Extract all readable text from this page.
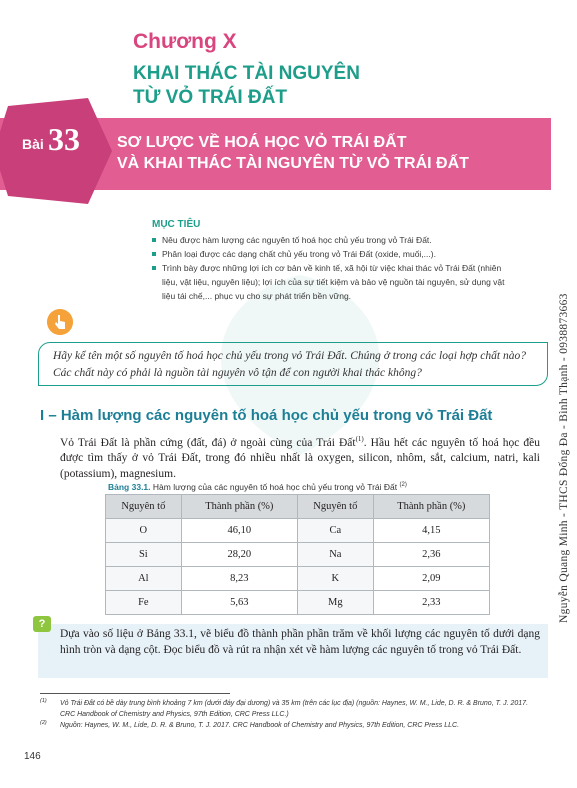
Chương X
KHAI THÁC TÀI NGUYÊN
TỪ VỎ TRÁI ĐẤT
Bài 33 SƠ LƯỢC VỀ HOÁ HỌC VỎ TRÁI ĐẤT
VÀ KHAI THÁC TÀI NGUYÊN TỪ VỎ TRÁI ĐẤT
MỤC TIÊU
Nêu được hàm lượng các nguyên tố hoá học chủ yếu trong vỏ Trái Đất.
Phân loại được các dạng chất chủ yếu trong vỏ Trái Đất (oxide, muối,...).
Trình bày được những lợi ích cơ bản về kinh tế, xã hội từ việc khai thác vỏ Trái Đất (nhiên liệu, vật liệu, nguyên liệu); lợi ích của sự tiết kiệm và bảo vệ nguồn tài nguyên, sử dụng vật liệu tái chế,... phục vụ cho sự phát triển bền vững.
Hãy kể tên một số nguyên tố hoá học chủ yếu trong vỏ Trái Đất. Chúng ở trong các loại hợp chất nào? Các chất này có phải là nguồn tài nguyên vô tận để con người khai thác không?
I – Hàm lượng các nguyên tố hoá học chủ yếu trong vỏ Trái Đất

Vỏ Trái Đất là phần cứng (đất, đá) ở ngoài cùng của Trái Đất$^{(1)}$. Hầu hết các nguyên tố hoá học đều được tìm thấy ở vỏ Trái Đất, trong đó nhiều nhất là oxygen, silicon, nhôm, sắt, calcium, natri, kali (potassium), magnesium.

Bảng 33.1. Hàm lượng của các nguyên tố hoá học chủ yếu trong vỏ Trái Đất $^{(2)}$
Nguyên tố	Thành phần (%)	Nguyên tố	Thành phần (%)
O	46,10	Ca	4,15
Si	28,20	Na	2,36
Al	8,23	K	2,09
Fe	5,63	Mg	2,33
Dựa vào số liệu ở Bảng 33.1, vẽ biểu đồ thành phần phần trăm về khối lượng các nguyên tố dưới dạng hình tròn và dạng cột. Đọc biểu đồ và rút ra nhận xét về hàm lượng các nguyên tố trong vỏ Trái Đất.
?
(1) Vỏ Trái Đất có bề dày trung bình khoảng 7 km (dưới đáy đại dương) và 35 km (trên các lục địa) (nguồn: Haynes, W. M., Lide, D. R. & Bruno, T. J. 2017. CRC Handbook of Chemistry and Physics, 97th Edition, CRC Press LLC.)
(2) Nguồn: Haynes, W. M., Lide, D. R. & Bruno, T. J. 2017. CRC Handbook of Chemistry and Physics, 97th Edition, CRC Press LLC.
146
Nguyễn Quang Minh - THCS Đống Đa - Bình Thạnh - 0938873663
